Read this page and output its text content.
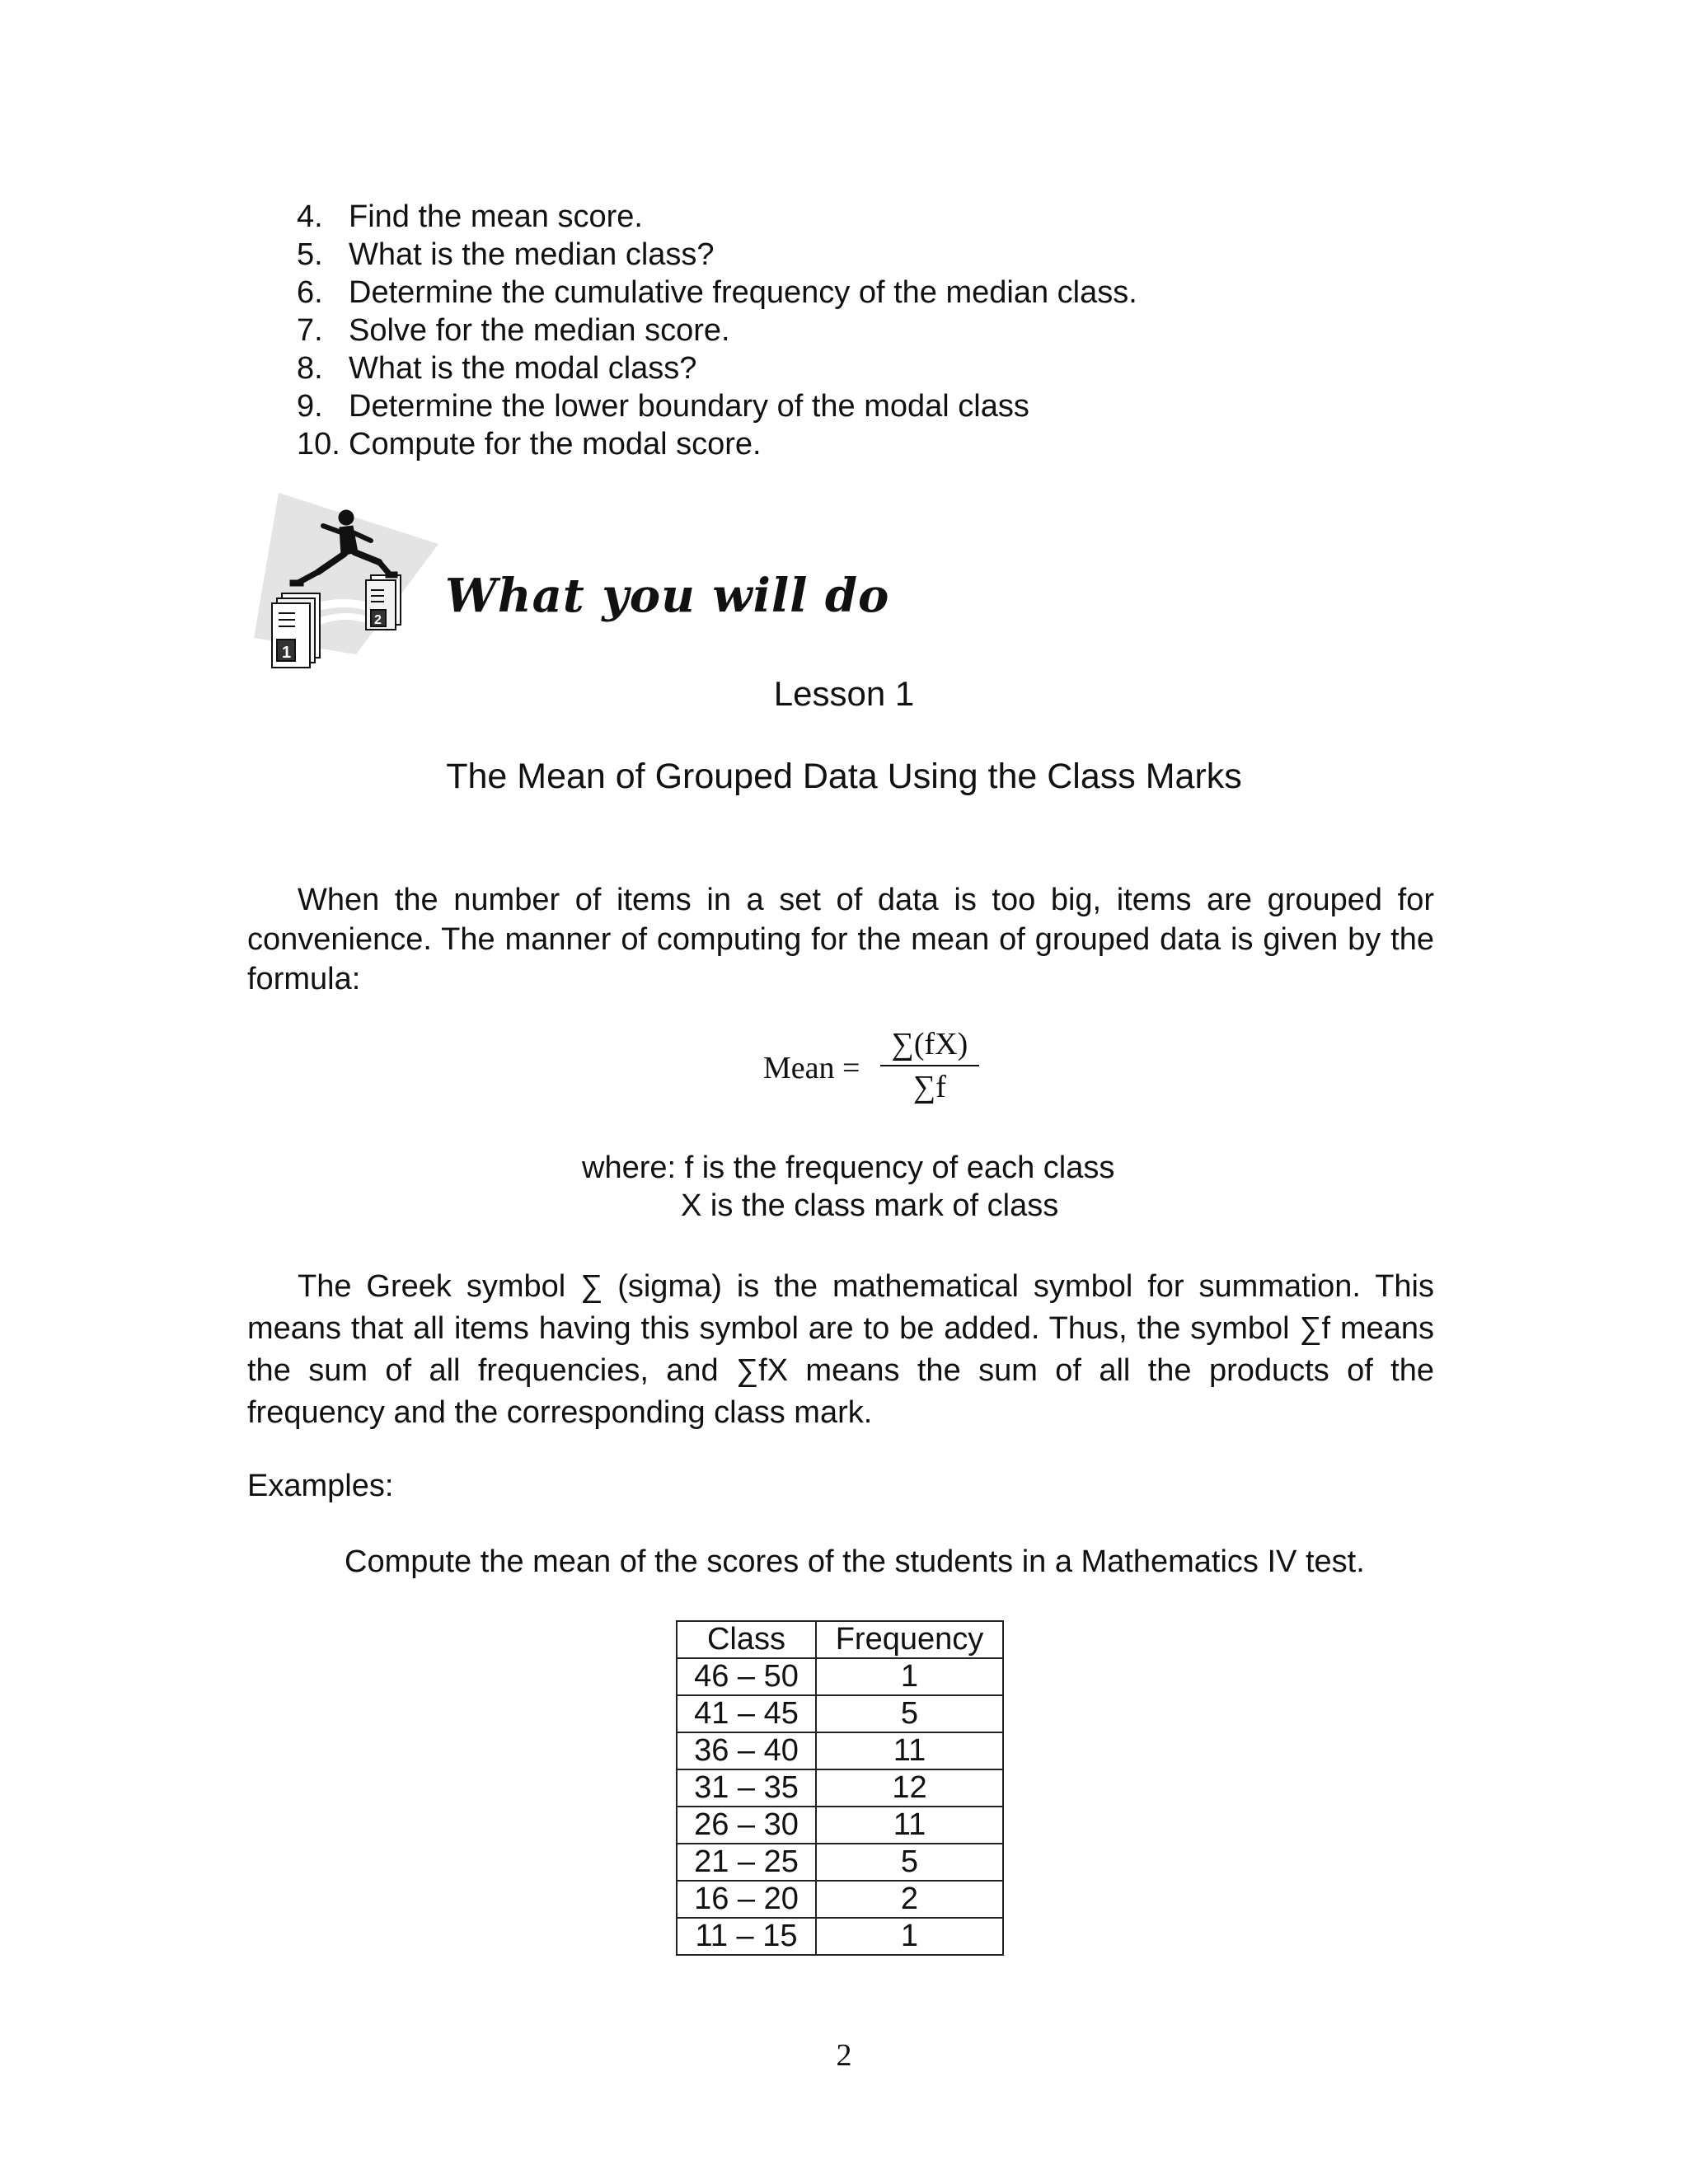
4. Find the mean score.
5. What is the median class?
6. Determine the cumulative frequency of the median class.
7. Solve for the median score.
8. What is the modal class?
9. Determine the lower boundary of the modal class
10. Compute for the modal score.
1
2 What you will do
Lesson 1
The Mean of Grouped Data Using the Class Marks

When the number of items in a set of data is too big, items are grouped for convenience. The manner of computing for the mean of grouped data is given by the formula:

Mean =
∑(fX)
∑f
where: f is the frequency of each class
X is the class mark of class

The Greek symbol ∑ (sigma) is the mathematical symbol for summation. This means that all items having this symbol are to be added. Thus, the symbol ∑f means the sum of all frequencies, and ∑fX means the sum of all the products of the frequency and the corresponding class mark.

Examples:
Compute the mean of the scores of the students in a Mathematics IV test.
Class	Frequency
46 – 50	1
41 – 45	5
36 – 40	11
31 – 35	12
26 – 30	11
21 – 25	5
16 – 20	2
11 – 15	1
2
